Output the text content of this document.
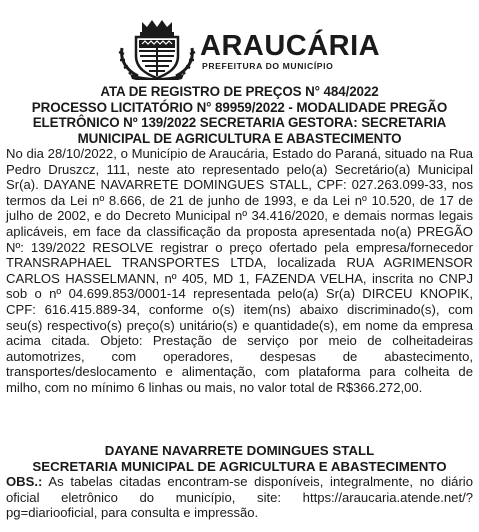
ARAUCÁRIA
PREFEITURA DO MUNICÍPIO
ATA DE REGISTRO DE PREÇOS N° 484/2022
PROCESSO LICITATÓRIO N° 89959/2022 - MODALIDADE PREGÃO
ELETRÔNICO Nº 139/2022 SECRETARIA GESTORA: SECRETARIA
MUNICIPAL DE AGRICULTURA E ABASTECIMENTO

No dia 28/10/2022, o Município de Araucária, Estado do Paraná, situado na Rua Pedro Druszcz, 111, neste ato representado pelo(a) Secretário(a) Municipal Sr(a). DAYANE NAVARRETE DOMINGUES STALL, CPF: 027.263.099-33, nos termos da Lei nº 8.666, de 21 de junho de 1993, e da Lei nº 10.520, de 17 de julho de 2002, e do Decreto Municipal nº 34.416/2020, e demais normas legais aplicáveis, em face da classificação da proposta apresentada no(a) PREGÃO Nº: 139/2022 RESOLVE registrar o preço ofertado pela empresa/fornecedor TRANSRAPHAEL TRANSPORTES LTDA, localizada RUA AGRIMENSOR CARLOS HASSELMANN, nº 405, MD 1, FAZENDA VELHA, inscrita no CNPJ sob o nº 04.699.853/0001-14 representada pelo(a) Sr(a) DIRCEU KNOPIK, CPF: 616.415.889-34, conforme o(s) item(ns) abaixo discriminado(s), com seu(s) respectivo(s) preço(s) unitário(s) e quantidade(s), em nome da empresa acima citada. Objeto: Prestação de serviço por meio de colheitadeiras automotrizes, com operadores, despesas de abastecimento, transportes/deslocamento e alimentação, com plataforma para colheita de milho, com no mínimo 6 linhas ou mais, no valor total de R$366.272,00.

DAYANE NAVARRETE DOMINGUES STALL
SECRETARIA MUNICIPAL DE AGRICULTURA E ABASTECIMENTO

OBS.: As tabelas citadas encontram-se disponíveis, integralmente, no diário oficial eletrônico do município, site: https://araucaria.atende.net/?pg=diariooficial, para consulta e impressão.
